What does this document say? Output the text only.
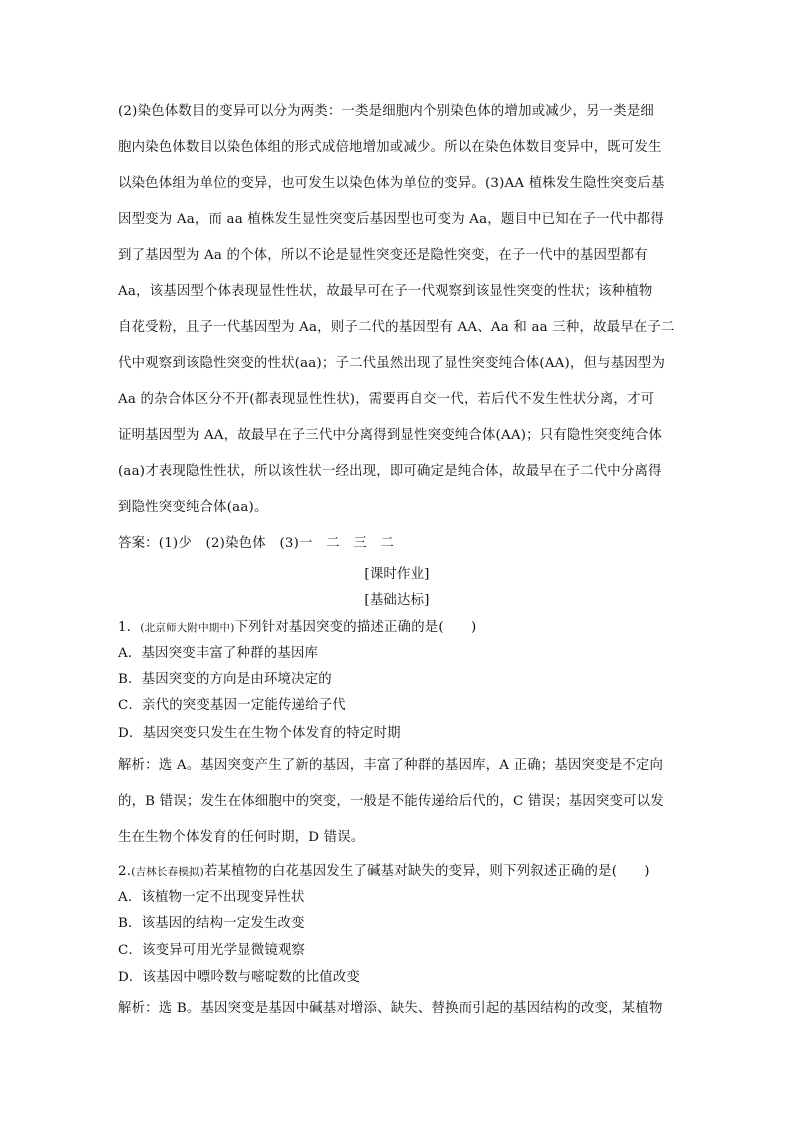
(2)染色体数目的变异可以分为两类：一类是细胞内个别染色体的增加或减少，另一类是细
胞内染色体数目以染色体组的形式成倍地增加或减少。所以在染色体数目变异中，既可发生
以染色体组为单位的变异，也可发生以染色体为单位的变异。(3)AA 植株发生隐性突变后基
因型变为 Aa，而 aa 植株发生显性突变后基因型也可变为 Aa，题目中已知在子一代中都得
到了基因型为 Aa 的个体，所以不论是显性突变还是隐性突变，在子一代中的基因型都有
Aa，该基因型个体表现显性性状，故最早可在子一代观察到该显性突变的性状；该种植物
自花受粉，且子一代基因型为 Aa，则子二代的基因型有 AA、Aa 和 aa 三种，故最早在子二
代中观察到该隐性突变的性状(aa)；子二代虽然出现了显性突变纯合体(AA)，但与基因型为
Aa 的杂合体区分不开(都表现显性性状)，需要再自交一代，若后代不发生性状分离，才可
证明基因型为 AA，故最早在子三代中分离得到显性突变纯合体(AA)；只有隐性突变纯合体
(aa)才表现隐性性状，所以该性状一经出现，即可确定是纯合体，故最早在子二代中分离得
到隐性突变纯合体(aa)。
答案：(1)少　(2)染色体　(3)一　二　三　二
[课时作业]
[基础达标]
1．(北京师大附中期中)下列针对基因突变的描述正确的是(　　)
A．基因突变丰富了种群的基因库
B．基因突变的方向是由环境决定的
C．亲代的突变基因一定能传递给子代
D．基因突变只发生在生物个体发育的特定时期
解析：选 A。基因突变产生了新的基因，丰富了种群的基因库，A 正确；基因突变是不定向
的，B 错误；发生在体细胞中的突变，一般是不能传递给后代的，C 错误；基因突变可以发
生在生物个体发育的任何时期，D 错误。
2.(吉林长春模拟)若某植物的白花基因发生了碱基对缺失的变异，则下列叙述正确的是(　　)
A．该植物一定不出现变异性状
B．该基因的结构一定发生改变
C．该变异可用光学显微镜观察
D．该基因中嘌呤数与嘧啶数的比值改变
解析：选 B。基因突变是基因中碱基对增添、缺失、替换而引起的基因结构的改变，某植物
